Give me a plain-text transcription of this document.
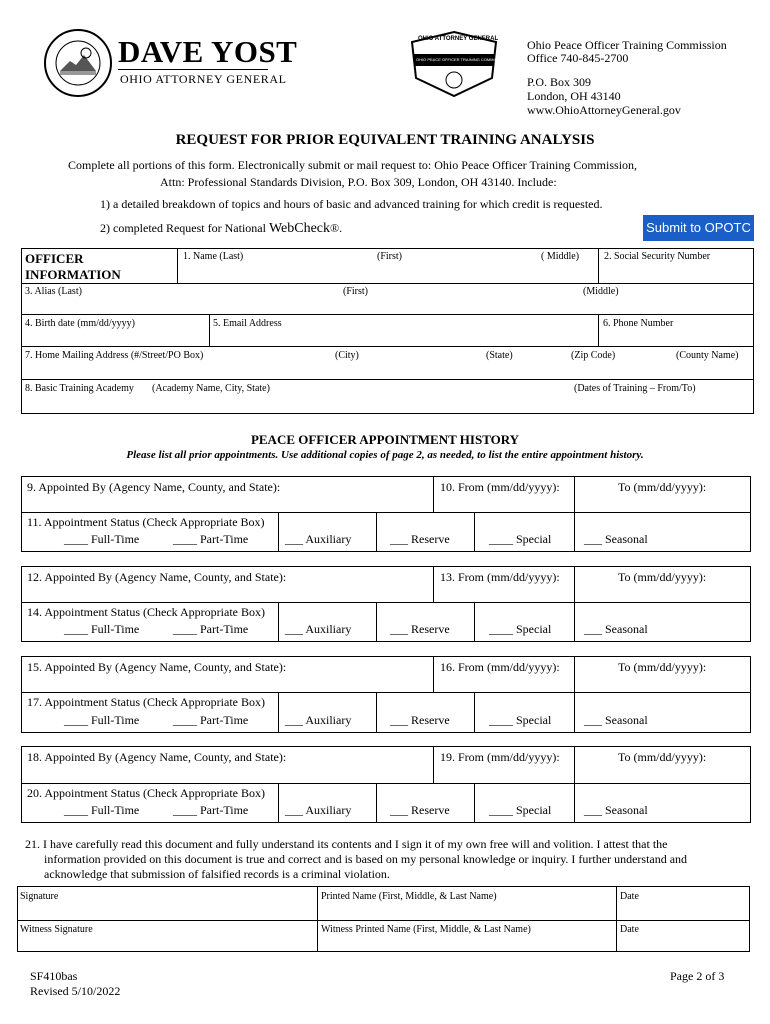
DAVE YOST
OHIO ATTORNEY GENERAL
OHIO ATTORNEY GENERAL
OHIO PEACE OFFICER TRAINING COMMISSION
Ohio Peace Officer Training Commission
Office 740-845-2700
P.O. Box 309
London, OH 43140
www.OhioAttorneyGeneral.gov
REQUEST FOR PRIOR EQUIVALENT TRAINING ANALYSIS
Complete all portions of this form. Electronically submit or mail request to: Ohio Peace Officer Training Commission,
Attn: Professional Standards Division, P.O. Box 309, London, OH 43140. Include:
1) a detailed breakdown of topics and hours of basic and advanced training for which credit is requested.
2) completed Request for National WebCheck®.	Submit to OPOTC
OFFICER
INFORMATION
1. Name (Last)	(First)	( Middle) 2. Social Security Number
3. Alias (Last)	(First)	(Middle)
4. Birth date (mm/dd/yyyy)	5. Email Address	6. Phone Number
7. Home Mailing Address (#/Street/PO Box)	(City)	(State)	(Zip Code)	(County Name)
8. Basic Training Academy (Academy Name, City, State)	(Dates of Training – From/To)
PEACE OFFICER APPOINTMENT HISTORY
Please list all prior appointments. Use additional copies of page 2, as needed, to list the entire appointment history.
9. Appointed By (Agency Name, County, and State):	10. From (mm/dd/yyyy):	To (mm/dd/yyyy):
11. Appointment Status (Check Appropriate Box)
____ Full-Time	____ Part-Time	___ Auxiliary	___ Reserve	____ Special	___ Seasonal
12. Appointed By (Agency Name, County, and State):	13. From (mm/dd/yyyy):	To (mm/dd/yyyy):
14. Appointment Status (Check Appropriate Box)
____ Full-Time	____ Part-Time	___ Auxiliary	___ Reserve	____ Special	___ Seasonal
15. Appointed By (Agency Name, County, and State):	16. From (mm/dd/yyyy):	To (mm/dd/yyyy):
17. Appointment Status (Check Appropriate Box)
____ Full-Time	____ Part-Time	___ Auxiliary	___ Reserve	____ Special	___ Seasonal
18. Appointed By (Agency Name, County, and State):	19. From (mm/dd/yyyy):	To (mm/dd/yyyy):
20. Appointment Status (Check Appropriate Box)
____ Full-Time	____ Part-Time	___ Auxiliary	___ Reserve	____ Special	___ Seasonal
21. I have carefully read this document and fully understand its contents and I sign it of my own free will and volition. I attest that the
information provided on this document is true and correct and is based on my personal knowledge or inquiry. I further understand and
acknowledge that submission of falsified records is a criminal violation.
Signature	Printed Name (First, Middle, & Last Name)	Date
Witness Signature	Witness Printed Name (First, Middle, & Last Name)	Date
SF410bas
Revised 5/10/2022
Page 2 of 3
